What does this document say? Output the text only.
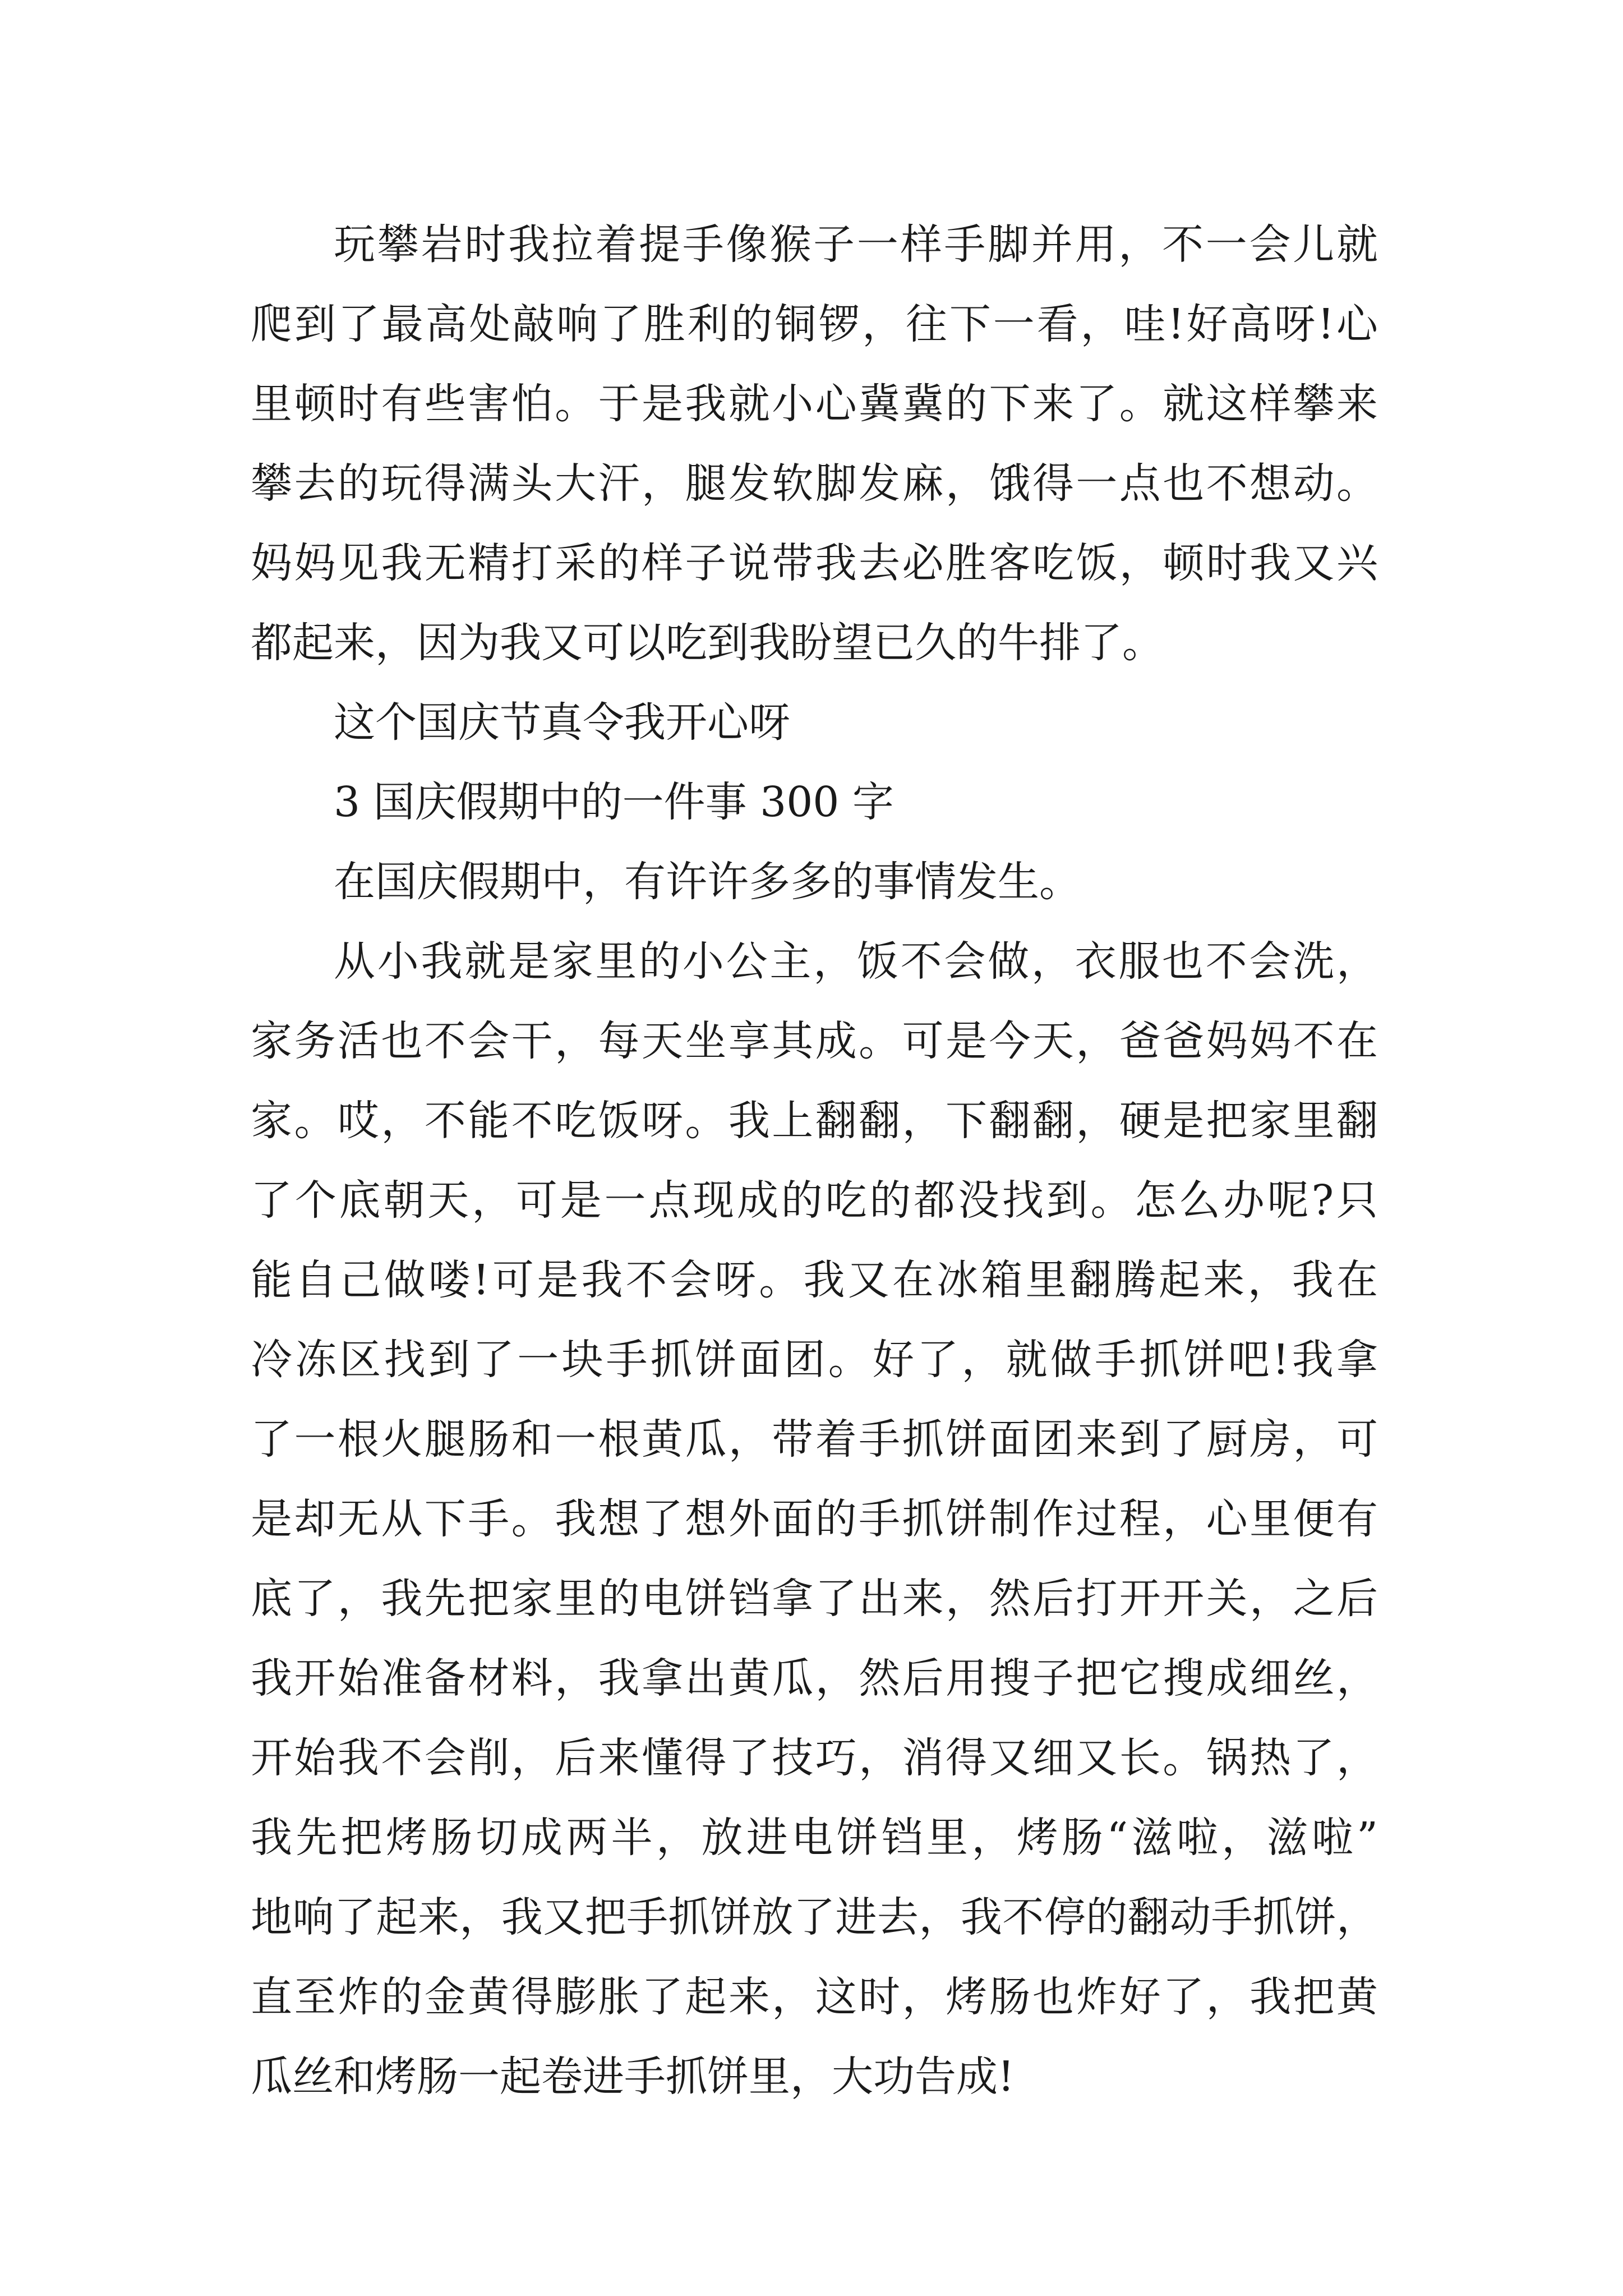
玩攀岩时我拉着提手像猴子一样手脚并用，不一会儿就
爬到了最高处敲响了胜利的铜锣，往下一看，哇!好高呀!心
里顿时有些害怕。于是我就小心冀冀的下来了。就这样攀来
攀去的玩得满头大汗，腿发软脚发麻，饿得一点也不想动。
妈妈见我无精打采的样子说带我去必胜客吃饭，顿时我又兴
都起来，因为我又可以吃到我盼望已久的牛排了。
这个国庆节真令我开心呀
3 国庆假期中的一件事 300 字
在国庆假期中，有许许多多的事情发生。
从小我就是家里的小公主，饭不会做，衣服也不会洗，
家务活也不会干，每天坐享其成。可是今天，爸爸妈妈不在
家。哎，不能不吃饭呀。我上翻翻，下翻翻，硬是把家里翻
了个底朝天，可是一点现成的吃的都没找到。怎么办呢?只
能自己做喽!可是我不会呀。我又在冰箱里翻腾起来，我在
冷冻区找到了一块手抓饼面团。好了，就做手抓饼吧!我拿
了一根火腿肠和一根黄瓜，带着手抓饼面团来到了厨房，可
是却无从下手。我想了想外面的手抓饼制作过程，心里便有
底了，我先把家里的电饼铛拿了出来，然后打开开关，之后
我开始准备材料，我拿出黄瓜，然后用搜子把它搜成细丝，
开始我不会削，后来懂得了技巧，消得又细又长。锅热了，
我先把烤肠切成两半，放进电饼铛里，烤肠“滋啦，滋啦”
地响了起来，我又把手抓饼放了进去，我不停的翻动手抓饼，
直至炸的金黄得膨胀了起来，这时，烤肠也炸好了，我把黄
瓜丝和烤肠一起卷进手抓饼里，大功告成!
